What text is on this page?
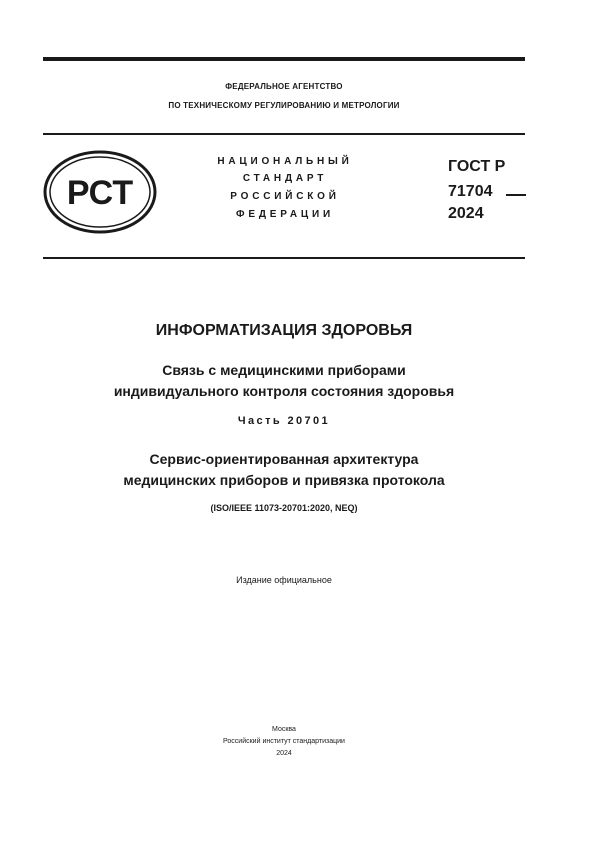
ФЕДЕРАЛЬНОЕ АГЕНТСТВО
ПО ТЕХНИЧЕСКОМУ РЕГУЛИРОВАНИЮ И МЕТРОЛОГИИ
РСТ
НАЦИОНАЛЬНЫЙ
СТАНДАРТ
РОССИЙСКОЙ
ФЕДЕРАЦИИ
ГОСТ Р
71704
2024
ИНФОРМАТИЗАЦИЯ ЗДОРОВЬЯ
Связь с медицинскими приборами
индивидуального контроля состояния здоровья
Часть 20701
Сервис-ориентированная архитектура
медицинских приборов и привязка протокола
(ISO/IEEE 11073-20701:2020, NEQ)
Издание официальное
Москва
Российский институт стандартизации
2024
